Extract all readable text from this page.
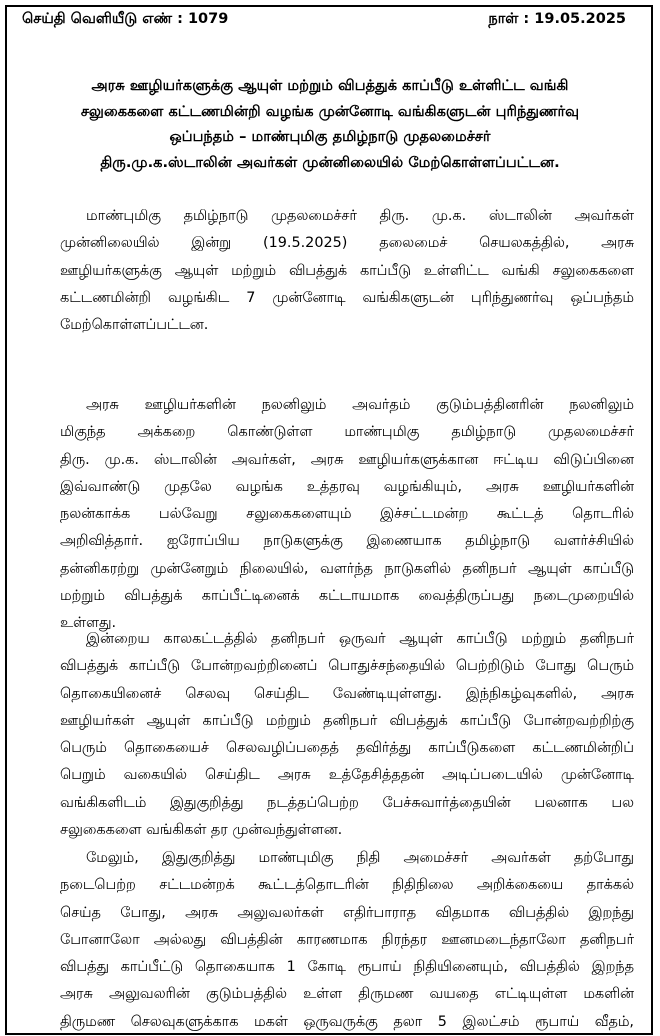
செய்தி வெளியீடு எண் : 1079	நாள் : 19.05.2025
அரசு ஊழியர்களுக்கு ஆயுள் மற்றும் விபத்துக் காப்பீடு உள்ளிட்ட வங்கி
சலுகைகளை கட்டணமின்றி வழங்க முன்னோடி வங்கிகளுடன் புரிந்துணர்வு
ஒப்பந்தம் – மாண்புமிகு தமிழ்நாடு முதலமைச்சர்
திரு.மு.க.ஸ்டாலின் அவர்கள் முன்னிலையில் மேற்கொள்ளப்பட்டன.
மாண்புமிகு தமிழ்நாடு முதலமைச்சர் திரு. மு.க. ஸ்டாலின் அவர்கள்
முன்னிலையில் இன்று (19.5.2025) தலைமைச் செயலகத்தில், அரசு
ஊழியர்களுக்கு ஆயுள் மற்றும் விபத்துக் காப்பீடு உள்ளிட்ட வங்கி சலுகைகளை
கட்டணமின்றி வழங்கிட 7 முன்னோடி வங்கிகளுடன் புரிந்துணர்வு ஒப்பந்தம்
மேற்கொள்ளப்பட்டன.
அரசு ஊழியர்களின் நலனிலும் அவர்தம் குடும்பத்தினரின் நலனிலும்
மிகுந்த அக்கறை கொண்டுள்ள மாண்புமிகு தமிழ்நாடு முதலமைச்சர்
திரு. மு.க. ஸ்டாலின் அவர்கள், அரசு ஊழியர்களுக்கான ஈட்டிய விடுப்பினை
இவ்வாண்டு முதலே வழங்க உத்தரவு வழங்கியும், அரசு ஊழியர்களின்
நலன்காக்க பல்வேறு சலுகைகளையும் இச்சட்டமன்ற கூட்டத் தொடரில்
அறிவித்தார். ஐரோப்பிய நாடுகளுக்கு இணையாக தமிழ்நாடு வளர்ச்சியில்
தன்னிகரற்று முன்னேறும் நிலையில், வளர்ந்த நாடுகளில் தனிநபர் ஆயுள் காப்பீடு
மற்றும் விபத்துக் காப்பீட்டினைக் கட்டாயமாக வைத்திருப்பது நடைமுறையில்
உள்ளது.
இன்றைய காலகட்டத்தில் தனிநபர் ஒருவர் ஆயுள் காப்பீடு மற்றும் தனிநபர்
விபத்துக் காப்பீடு போன்றவற்றினைப் பொதுச்சந்தையில் பெற்றிடும் போது பெரும்
தொகையினைச் செலவு செய்திட வேண்டியுள்ளது. இந்நிகழ்வுகளில், அரசு
ஊழியர்கள் ஆயுள் காப்பீடு மற்றும் தனிநபர் விபத்துக் காப்பீடு போன்றவற்றிற்கு
பெரும் தொகையைச் செலவழிப்பதைத் தவிர்த்து காப்பீடுகளை கட்டணமின்றிப்
பெறும் வகையில் செய்திட அரசு உத்தேசித்ததன் அடிப்படையில் முன்னோடி
வங்கிகளிடம் இதுகுறித்து நடத்தப்பெற்ற பேச்சுவார்த்தையின் பலனாக பல
சலுகைகளை வங்கிகள் தர முன்வந்துள்ளன.
மேலும், இதுகுறித்து மாண்புமிகு நிதி அமைச்சர் அவர்கள் தற்போது
நடைபெற்ற சட்டமன்றக் கூட்டத்தொடரின் நிதிநிலை அறிக்கையை தாக்கல்
செய்த போது, அரசு அலுவலர்கள் எதிர்பாராத விதமாக விபத்தில் இறந்து
போனாலோ அல்லது விபத்தின் காரணமாக நிரந்தர ஊனமடைந்தாலோ தனிநபர்
விபத்து காப்பீட்டு தொகையாக 1 கோடி ரூபாய் நிதியினையும், விபத்தில் இறந்த
அரசு அலுவலரின் குடும்பத்தில் உள்ள திருமண வயதை எட்டியுள்ள மகளின்
திருமண செலவுகளுக்காக மகள் ஒருவருக்கு தலா 5 இலட்சம் ரூபாய் வீதம்,
